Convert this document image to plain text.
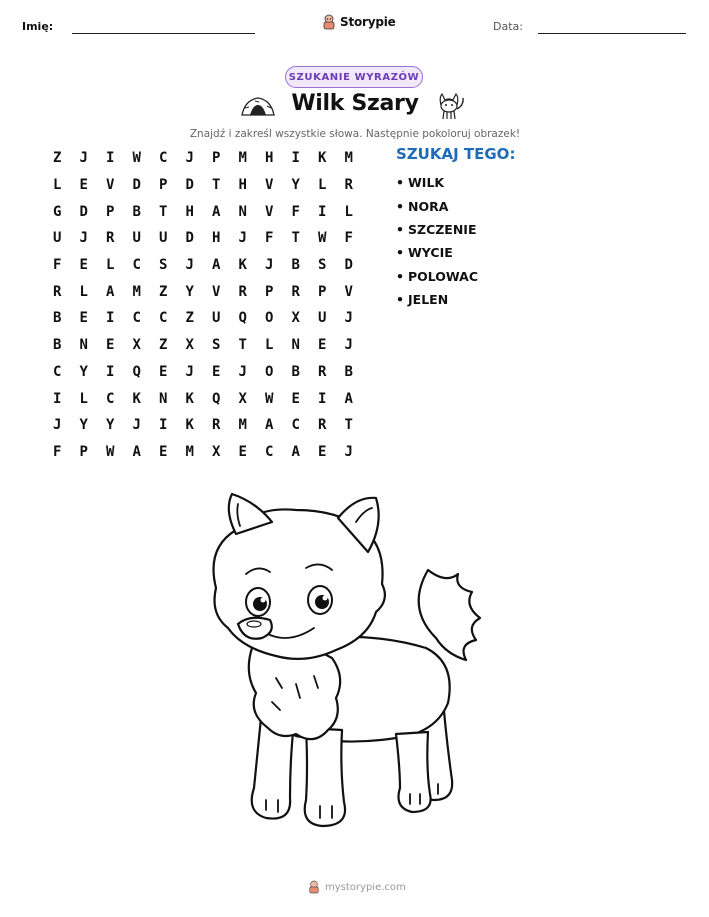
Imię:	Storypie	Data:
SZUKANIE WYRAZÓW
Wilk Szary
Znajdź i zakreśl wszystkie słowa. Następnie pokoloruj obrazek!
Z	J	I	W	C	J	P	M	H	I	K	M
L	E	V	D	P	D	T	H	V	Y	L	R
G	D	P	B	T	H	A	N	V	F	I	L
U	J	R	U	U	D	H	J	F	T	W	F
F	E	L	C	S	J	A	K	J	B	S	D
R	L	A	M	Z	Y	V	R	P	R	P	V
B	E	I	C	C	Z	U	Q	O	X	U	J
B	N	E	X	Z	X	S	T	L	N	E	J
C	Y	I	Q	E	J	E	J	O	B	R	B
I	L	C	K	N	K	Q	X	W	E	I	A
J	Y	Y	J	I	K	R	M	A	C	R	T
F	P	W	A	E	M	X	E	C	A	E	J
SZUKAJ TEGO:
• WILK
• NORA
• SZCZENIE
• WYCIE
• POLOWAC
• JELEN
mystorypie.com
